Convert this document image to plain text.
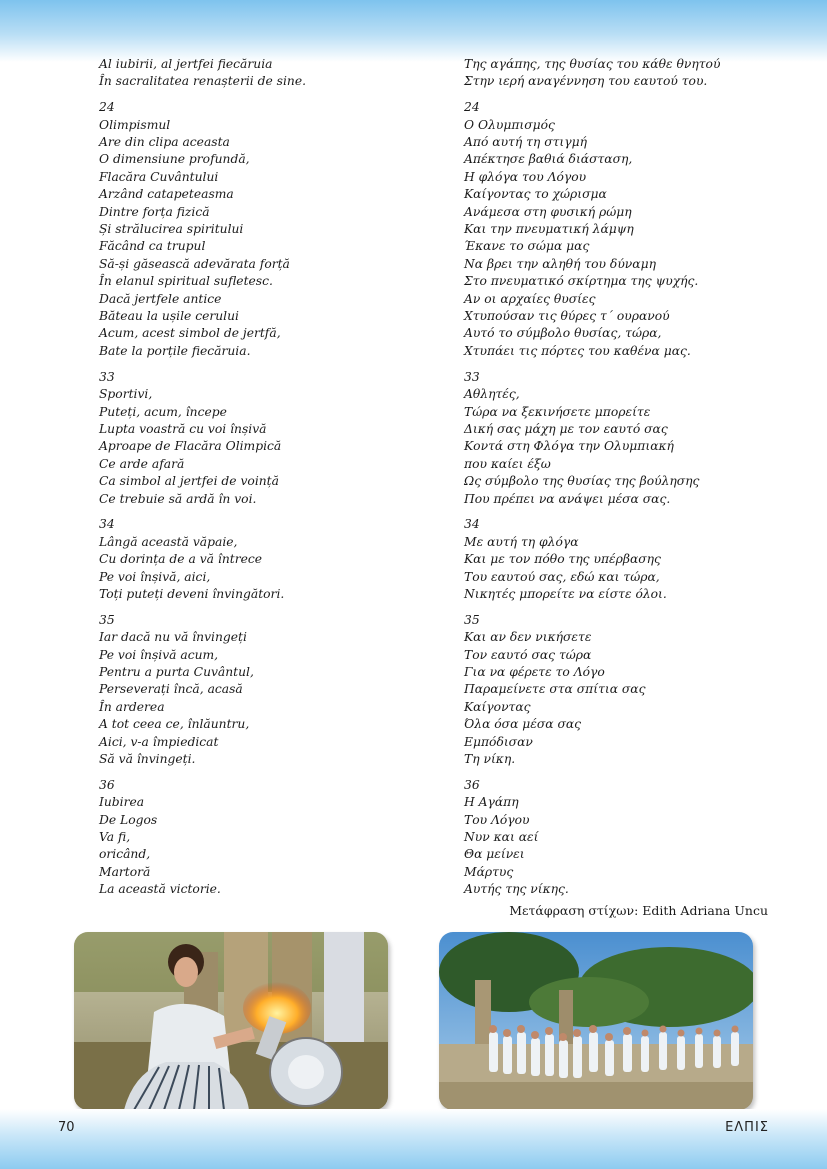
Al iubirii, al jertfei fiecăruia
În sacralitatea renașterii de sine.
24
Olimpismul
Are din clipa aceasta
O dimensiune profundă,
Flacăra Cuvântului
Arzând catapeteasma
Dintre forța fizică
Și strălucirea spiritului
Făcând ca trupul
Să-și găsească adevărata forță
În elanul spiritual sufletesc.
Dacă jertfele antice
Băteau la ușile cerului
Acum, acest simbol de jertfă,
Bate la porțile fiecăruia.
33
Sportivi,
Puteți, acum, începe
Lupta voastră cu voi înșivă
Aproape de Flacăra Olimpică
Ce arde afară
Ca simbol al jertfei de voință
Ce trebuie să ardă în voi.
34
Lângă această văpaie,
Cu dorința de a vă întrece
Pe voi înșivă, aici,
Toți puteți deveni învingători.
35
Iar dacă nu vă învingeți
Pe voi înșivă acum,
Pentru a purta Cuvântul,
Perseverați încă, acasă
În arderea
A tot ceea ce, înlăuntru,
Aici, v-a împiedicat
Să vă învingeți.
36
Iubirea
De Logos
Va fi,
oricând,
Martoră
La această victorie.
Της αγάπης, της θυσίας του κάθε θνητού
Στην ιερή αναγέννηση του εαυτού του.
24
Ο Ολυμπισμός
Από αυτή τη στιγμή
Απέκτησε βαθιά διάσταση,
Η φλόγα του Λόγου
Καίγοντας το χώρισμα
Ανάμεσα στη φυσική ρώμη
Και την πνευματική λάμψη
Έκανε το σώμα μας
Να βρει την αληθή του δύναμη
Στο πνευματικό σκίρτημα της ψυχής.
Αν οι αρχαίες θυσίες
Χτυπούσαν τις θύρες τ΄ ουρανού
Αυτό το σύμβολο θυσίας, τώρα,
Χτυπάει τις πόρτες του καθένα μας.
33
Αθλητές,
Τώρα να ξεκινήσετε μπορείτε
Δική σας μάχη με τον εαυτό σας
Κοντά στη Φλόγα την Ολυμπιακή
που καίει έξω
Ως σύμβολο της θυσίας της βούλησης
Που πρέπει να ανάψει μέσα σας.
34
Με αυτή τη φλόγα
Και με τον πόθο της υπέρβασης
Του εαυτού σας, εδώ και τώρα,
Νικητές μπορείτε να είστε όλοι.
35
Και αν δεν νικήσετε
Τον εαυτό σας τώρα
Για να φέρετε το Λόγο
Παραμείνετε στα σπίτια σας
Καίγοντας
Όλα όσα μέσα σας
Εμπόδισαν
Τη νίκη.
36
Η Αγάπη
Του Λόγου
Νυν και αεί
Θα μείνει
Μάρτυς
Αυτής της νίκης.
Μετάφραση στίχων: Edith Adriana Uncu
70	ΕΛΠΙΣ
